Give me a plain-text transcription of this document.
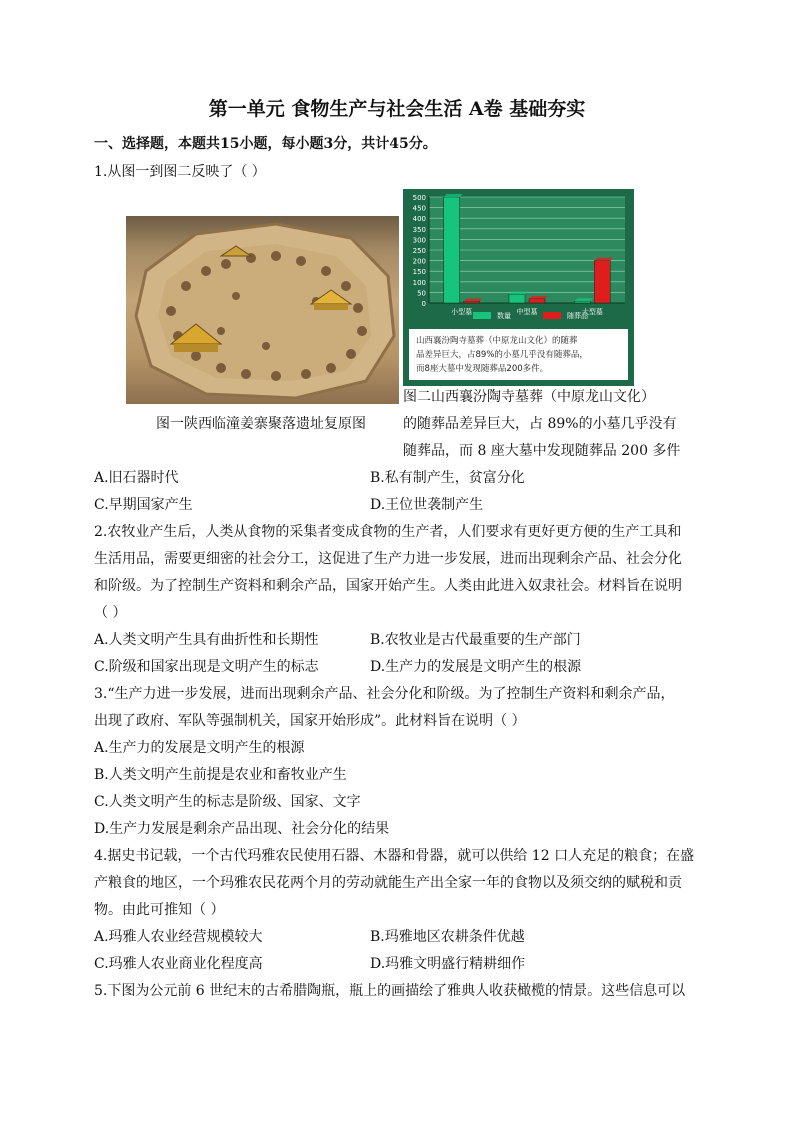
第一单元 食物生产与社会生活 A卷 基础夯实
一、选择题，本题共15小题，每小题3分，共计45分。
1.从图一到图二反映了（ ）
图一陕西临潼姜寨聚落遗址复原图
0
50
100
150
200
250
300
350
400
450
500
小型墓	中型墓	大型墓
数量	随葬品
山西襄汾陶寺墓葬（中原龙山文化）的随葬
品差异巨大，占89%的小墓几乎没有随葬品，
而8座大墓中发现随葬品200多件。
图二山西襄汾陶寺墓葬（中原龙山文化）
的随葬品差异巨大，占 89%的小墓几乎没有
随葬品，而 8 座大墓中发现随葬品 200 多件
A.旧石器时代	B.私有制产生，贫富分化
C.早期国家产生	D.王位世袭制产生
2.农牧业产生后，人类从食物的采集者变成食物的生产者，人们要求有更好更方便的生产工具和
生活用品，需要更细密的社会分工，这促进了生产力进一步发展，进而出现剩余产品、社会分化
和阶级。为了控制生产资料和剩余产品，国家开始产生。人类由此进入奴隶社会。材料旨在说明
（ ）
A.人类文明产生具有曲折性和长期性	B.农牧业是古代最重要的生产部门
C.阶级和国家出现是文明产生的标志	D.生产力的发展是文明产生的根源
3.“生产力进一步发展，进而出现剩余产品、社会分化和阶级。为了控制生产资料和剩余产品，
出现了政府、军队等强制机关，国家开始形成”。此材料旨在说明（ ）
A.生产力的发展是文明产生的根源
B.人类文明产生前提是农业和畜牧业产生
C.人类文明产生的标志是阶级、国家、文字
D.生产力发展是剩余产品出现、社会分化的结果
4.据史书记载，一个古代玛雅农民使用石器、木器和骨器，就可以供给 12 口人充足的粮食；在盛
产粮食的地区，一个玛雅农民花两个月的劳动就能生产出全家一年的食物以及须交纳的赋税和贡
物。由此可推知（ ）
A.玛雅人农业经营规模较大	B.玛雅地区农耕条件优越
C.玛雅人农业商业化程度高	D.玛雅文明盛行精耕细作
5.下图为公元前 6 世纪末的古希腊陶瓶，瓶上的画描绘了雅典人收获橄榄的情景。这些信息可以
